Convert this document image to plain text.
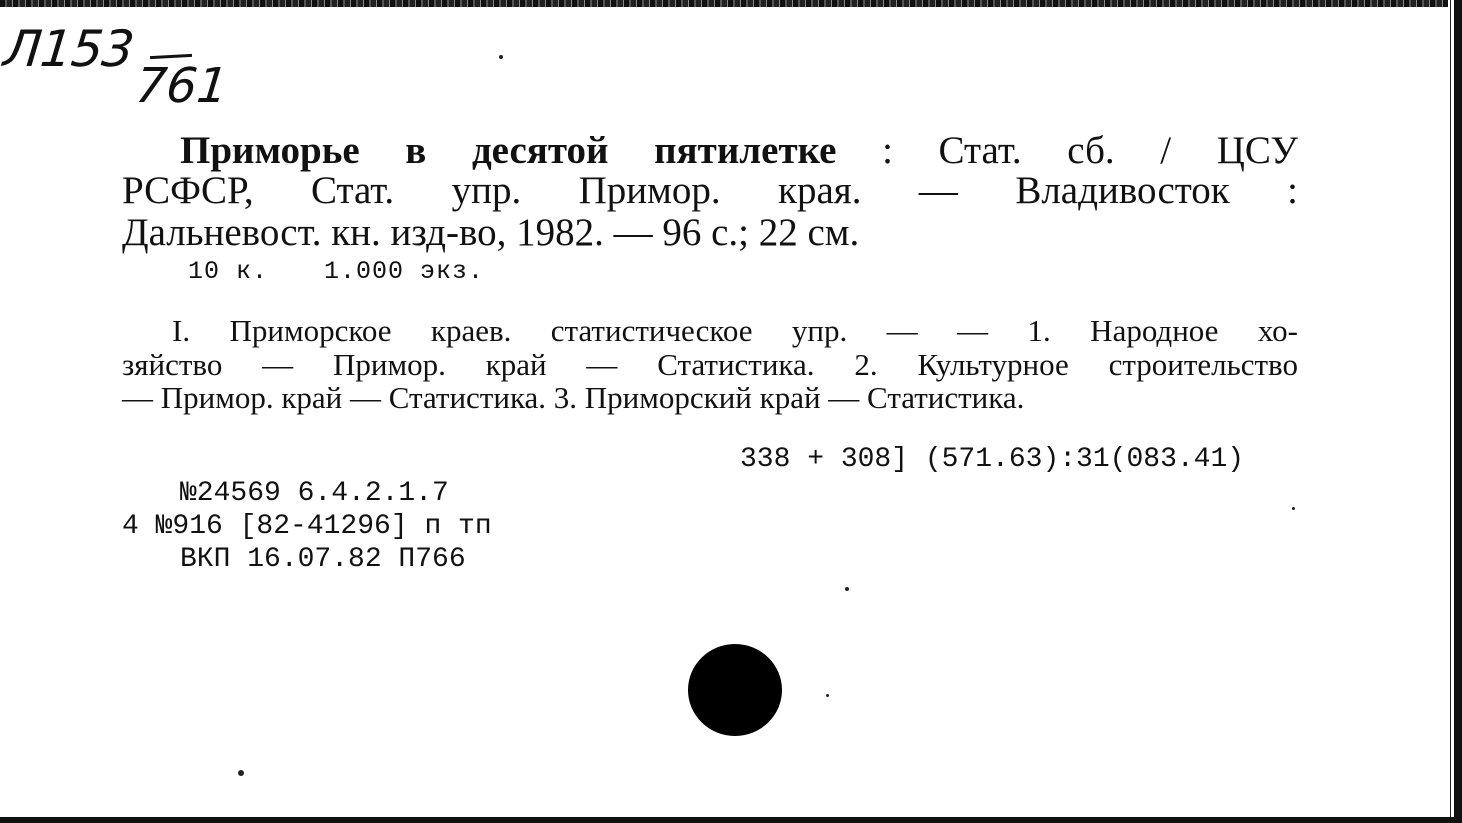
Л153
761
Приморье в десятой пятилетке : Стат. сб. / ЦСУ
РСФСР, Стат. упр. Примор. края. — Владивосток :
Дальневост. кн. изд-во, 1982. — 96 с.; 22 см.
10 к. 1.000 экз.
I. Приморское краев. статистическое упр. — — 1. Народное хо-
зяйство — Примор. край — Статистика. 2. Культурное строительство
— Примор. край — Статистика. 3. Приморский край — Статистика.
338 + 308] (571.63):31(083.41)
№24569 6.4.2.1.7
4 №916 [82-41296] п тп
ВКП 16.07.82 П766
